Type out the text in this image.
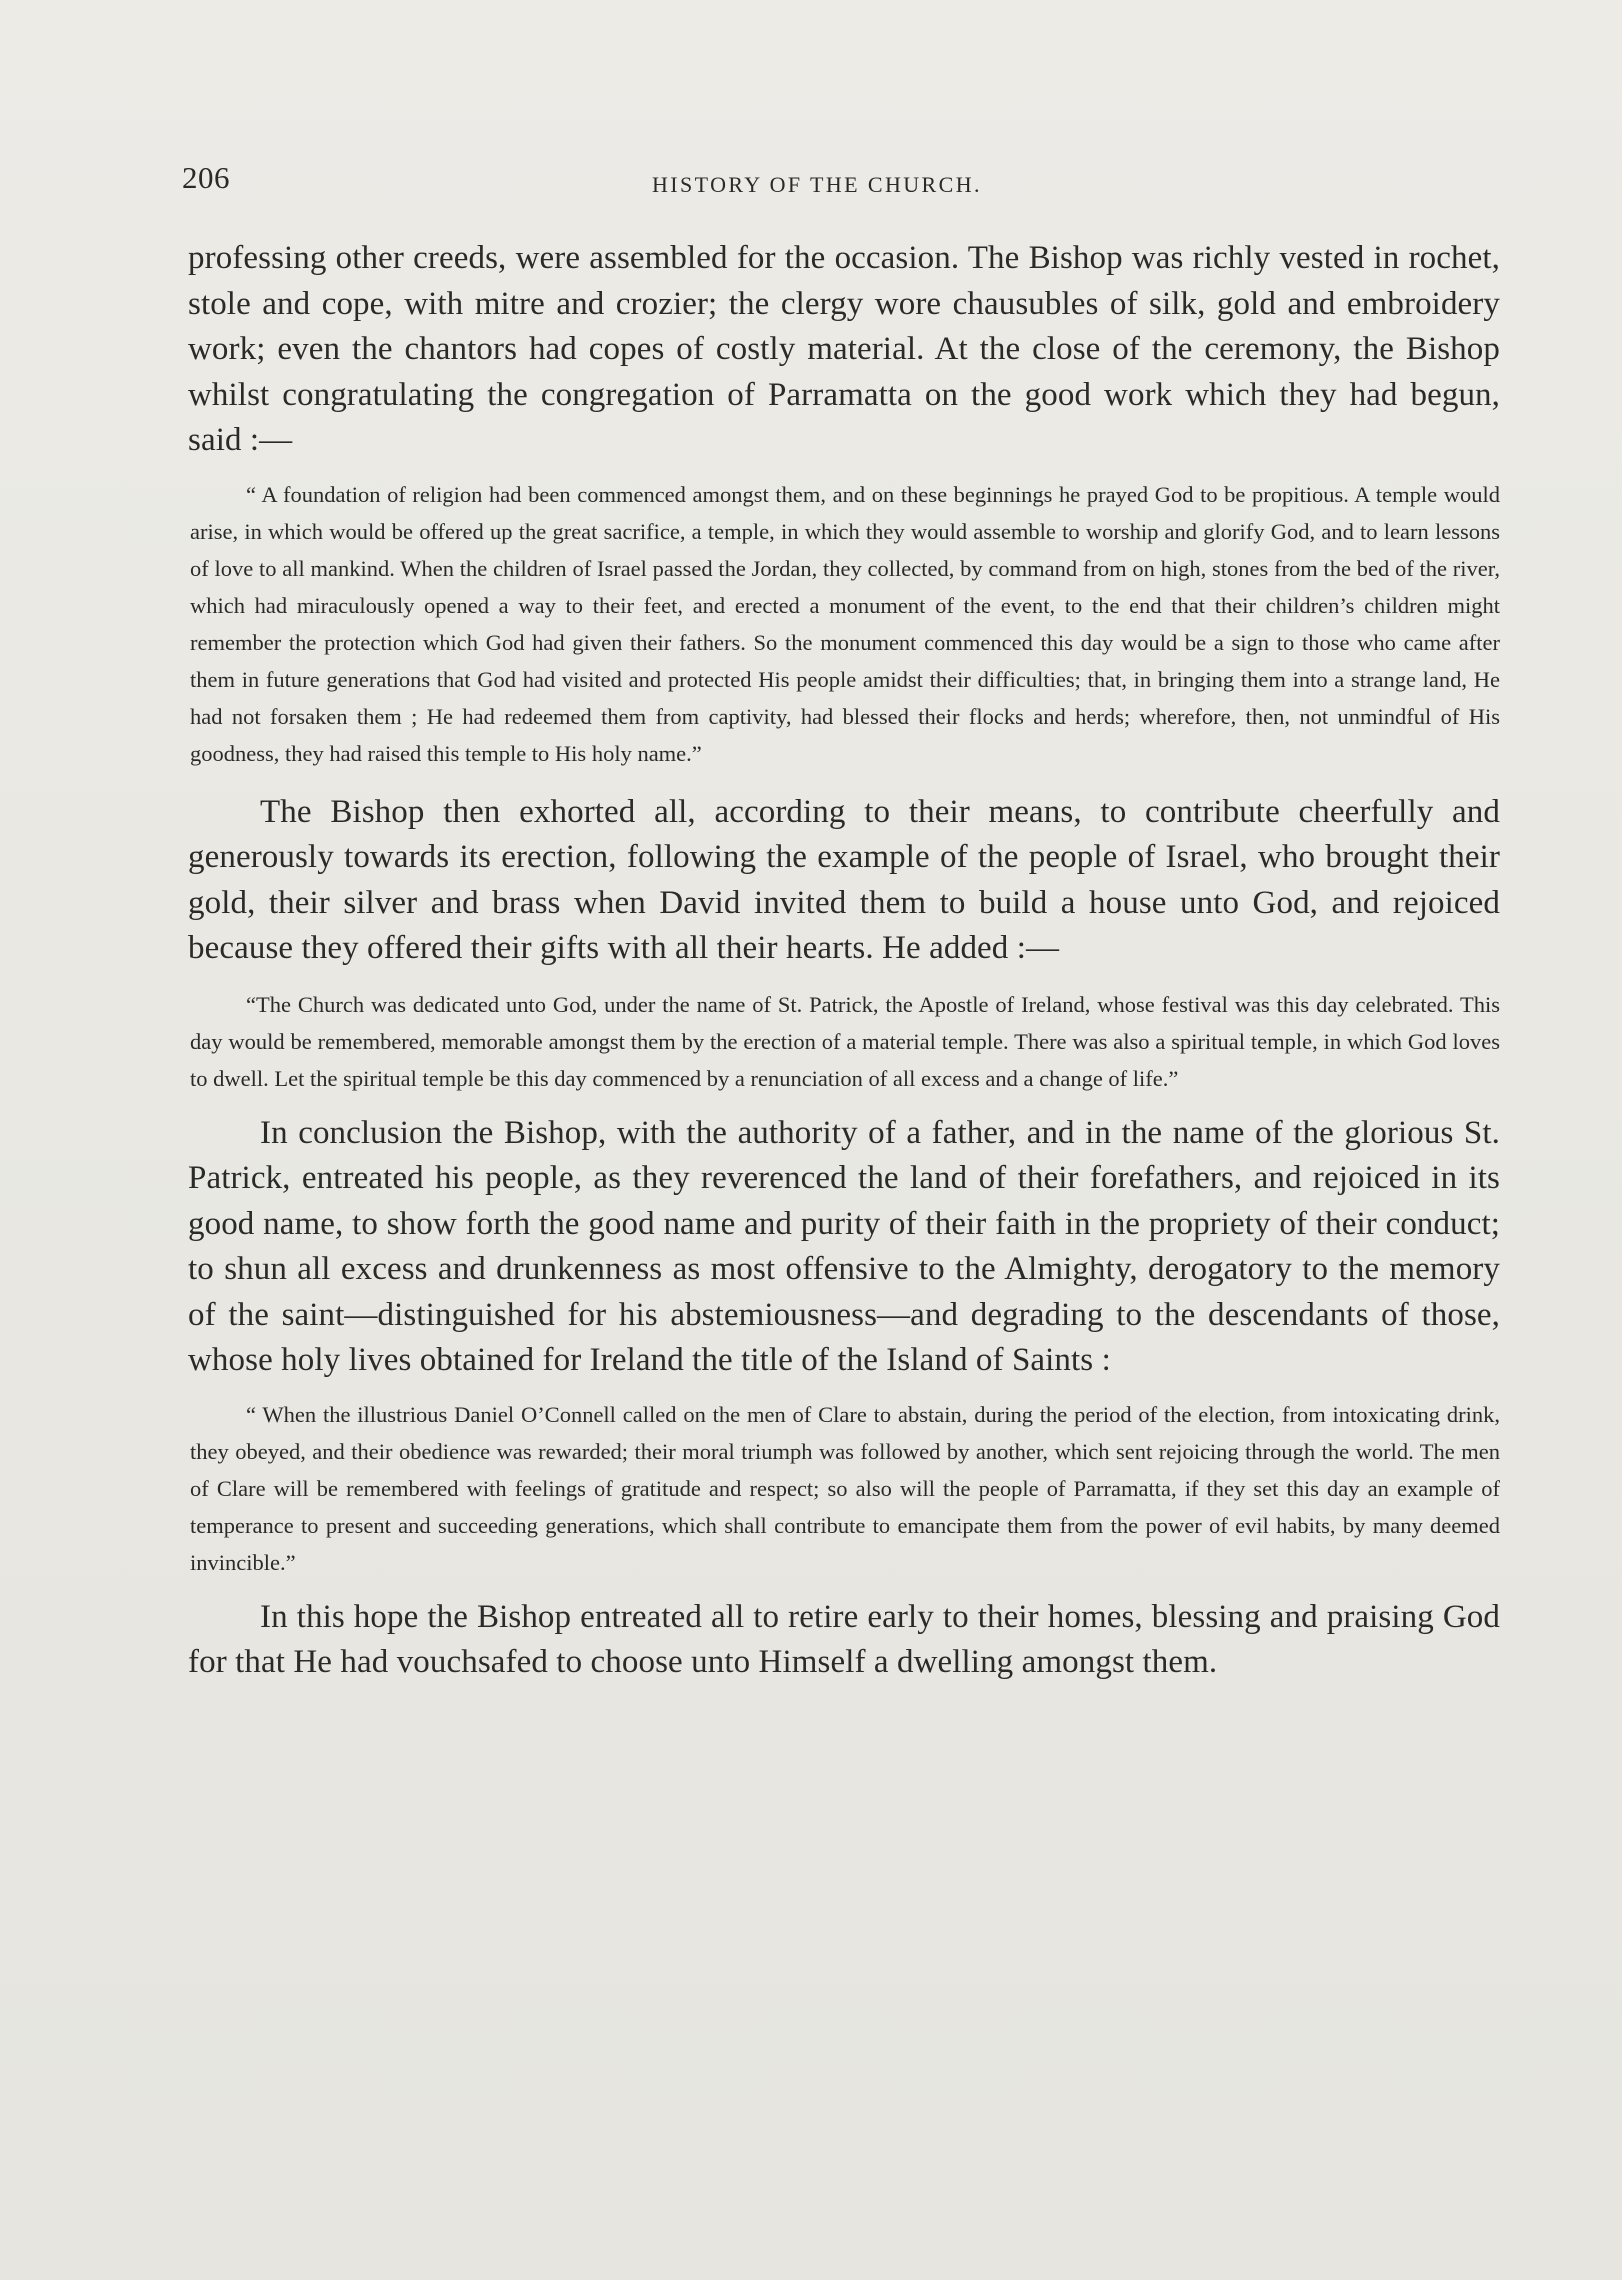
206	HISTORY OF THE CHURCH.

professing other creeds, were assembled for the occasion. The Bishop was richly vested in rochet, stole and cope, with mitre and crozier; the clergy wore chausubles of silk, gold and embroidery work; even the chantors had copes of costly material. At the close of the ceremony, the Bishop whilst congratulating the congregation of Parramatta on the good work which they had begun, said :—

“ A foundation of religion had been commenced amongst them, and on these beginnings he prayed God to be propitious. A temple would arise, in which would be offered up the great sacrifice, a temple, in which they would assemble to worship and glorify God, and to learn lessons of love to all mankind. When the children of Israel passed the Jordan, they collected, by command from on high, stones from the bed of the river, which had miraculously opened a way to their feet, and erected a monument of the event, to the end that their children’s children might remember the protection which God had given their fathers. So the monument commenced this day would be a sign to those who came after them in future generations that God had visited and protected His people amidst their difficulties; that, in bringing them into a strange land, He had not forsaken them ; He had redeemed them from captivity, had blessed their flocks and herds; wherefore, then, not unmindful of His goodness, they had raised this temple to His holy name.”

The Bishop then exhorted all, according to their means, to contribute cheerfully and generously towards its erection, following the example of the people of Israel, who brought their gold, their silver and brass when David invited them to build a house unto God, and rejoiced because they offered their gifts with all their hearts. He added :—

“The Church was dedicated unto God, under the name of St. Patrick, the Apostle of Ireland, whose festival was this day celebrated. This day would be remembered, memorable amongst them by the erection of a material temple. There was also a spiritual temple, in which God loves to dwell. Let the spiritual temple be this day commenced by a renunciation of all excess and a change of life.”

In conclusion the Bishop, with the authority of a father, and in the name of the glorious St. Patrick, entreated his people, as they reverenced the land of their forefathers, and rejoiced in its good name, to show forth the good name and purity of their faith in the propriety of their conduct; to shun all excess and drunkenness as most offensive to the Almighty, derogatory to the memory of the saint—distinguished for his abstemiousness—and degrading to the descendants of those, whose holy lives obtained for Ireland the title of the Island of Saints :

“ When the illustrious Daniel O’Connell called on the men of Clare to abstain, during the period of the election, from intoxicating drink, they obeyed, and their obedience was rewarded; their moral triumph was followed by another, which sent rejoicing through the world. The men of Clare will be remembered with feelings of gratitude and respect; so also will the people of Parramatta, if they set this day an example of temperance to present and succeeding generations, which shall contribute to emancipate them from the power of evil habits, by many deemed invincible.”

In this hope the Bishop entreated all to retire early to their homes, blessing and praising God for that He had vouchsafed to choose unto Himself a dwelling amongst them.
